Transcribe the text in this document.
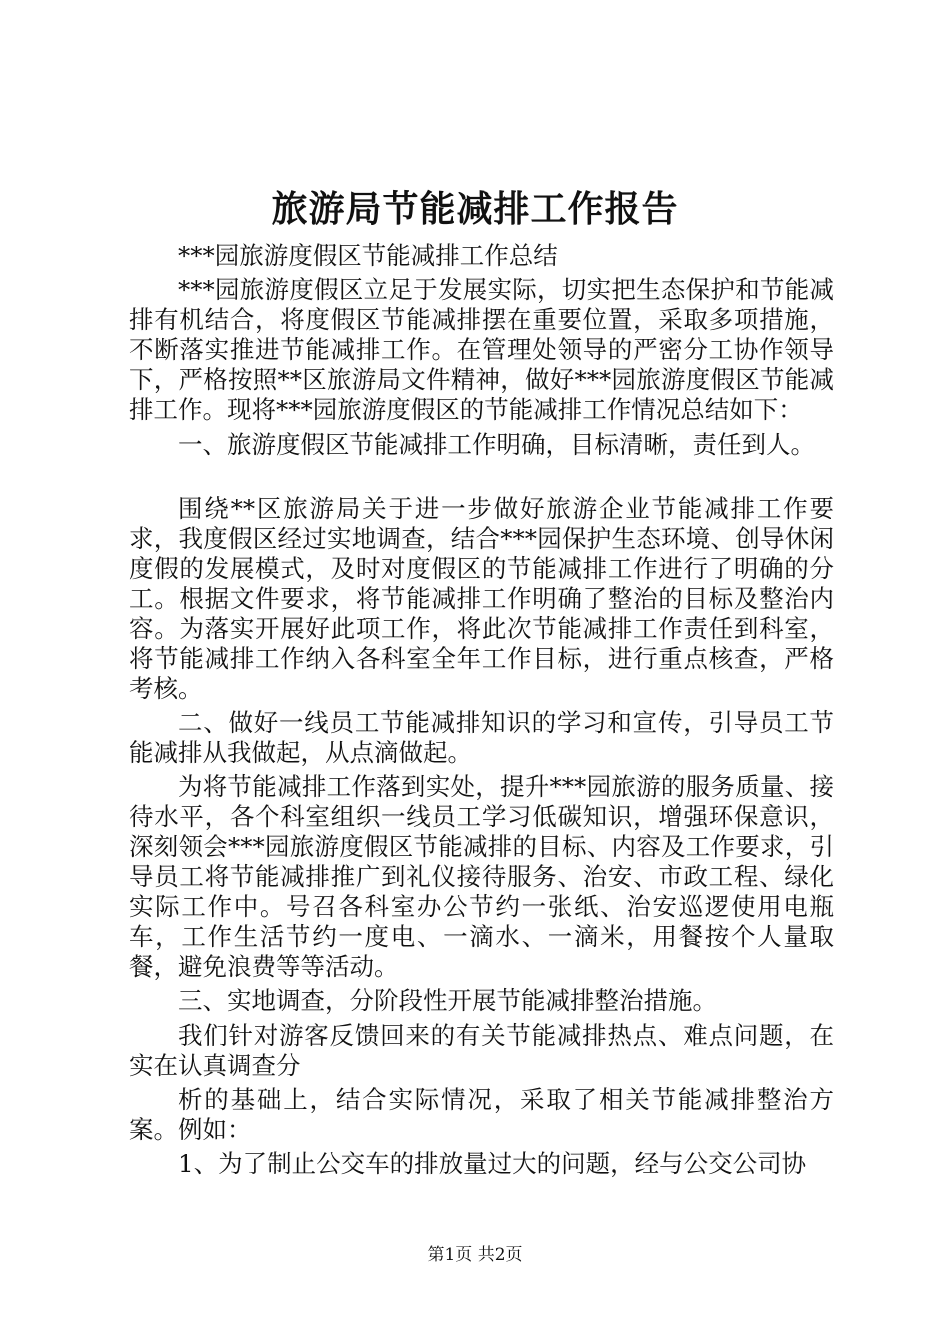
旅游局节能减排工作报告

***园旅游度假区节能减排工作总结

***园旅游度假区立足于发展实际，切实把生态保护和节能减排有机结合，将度假区节能减排摆在重要位置，采取多项措施，不断落实推进节能减排工作。在管理处领导的严密分工协作领导下，严格按照**区旅游局文件精神，做好***园旅游度假区节能减排工作。现将***园旅游度假区的节能减排工作情况总结如下：

一、旅游度假区节能减排工作明确，目标清晰，责任到人。

围绕**区旅游局关于进一步做好旅游企业节能减排工作要求，我度假区经过实地调查，结合***园保护生态环境、创导休闲度假的发展模式，及时对度假区的节能减排工作进行了明确的分工。根据文件要求，将节能减排工作明确了整治的目标及整治内容。为落实开展好此项工作，将此次节能减排工作责任到科室，将节能减排工作纳入各科室全年工作目标，进行重点核查，严格考核。

二、做好一线员工节能减排知识的学习和宣传，引导员工节能减排从我做起，从点滴做起。

为将节能减排工作落到实处，提升***园旅游的服务质量、接待水平，各个科室组织一线员工学习低碳知识，增强环保意识，深刻领会***园旅游度假区节能减排的目标、内容及工作要求，引导员工将节能减排推广到礼仪接待服务、治安、市政工程、绿化实际工作中。号召各科室办公节约一张纸、治安巡逻使用电瓶车，工作生活节约一度电、一滴水、一滴米，用餐按个人量取餐，避免浪费等等活动。

三、实地调查，分阶段性开展节能减排整治措施。

我们针对游客反馈回来的有关节能减排热点、难点问题，在实在认真调查分

析的基础上，结合实际情况，采取了相关节能减排整治方案。例如：

1、为了制止公交车的排放量过大的问题，经与公交公司协

第1页 共2页
